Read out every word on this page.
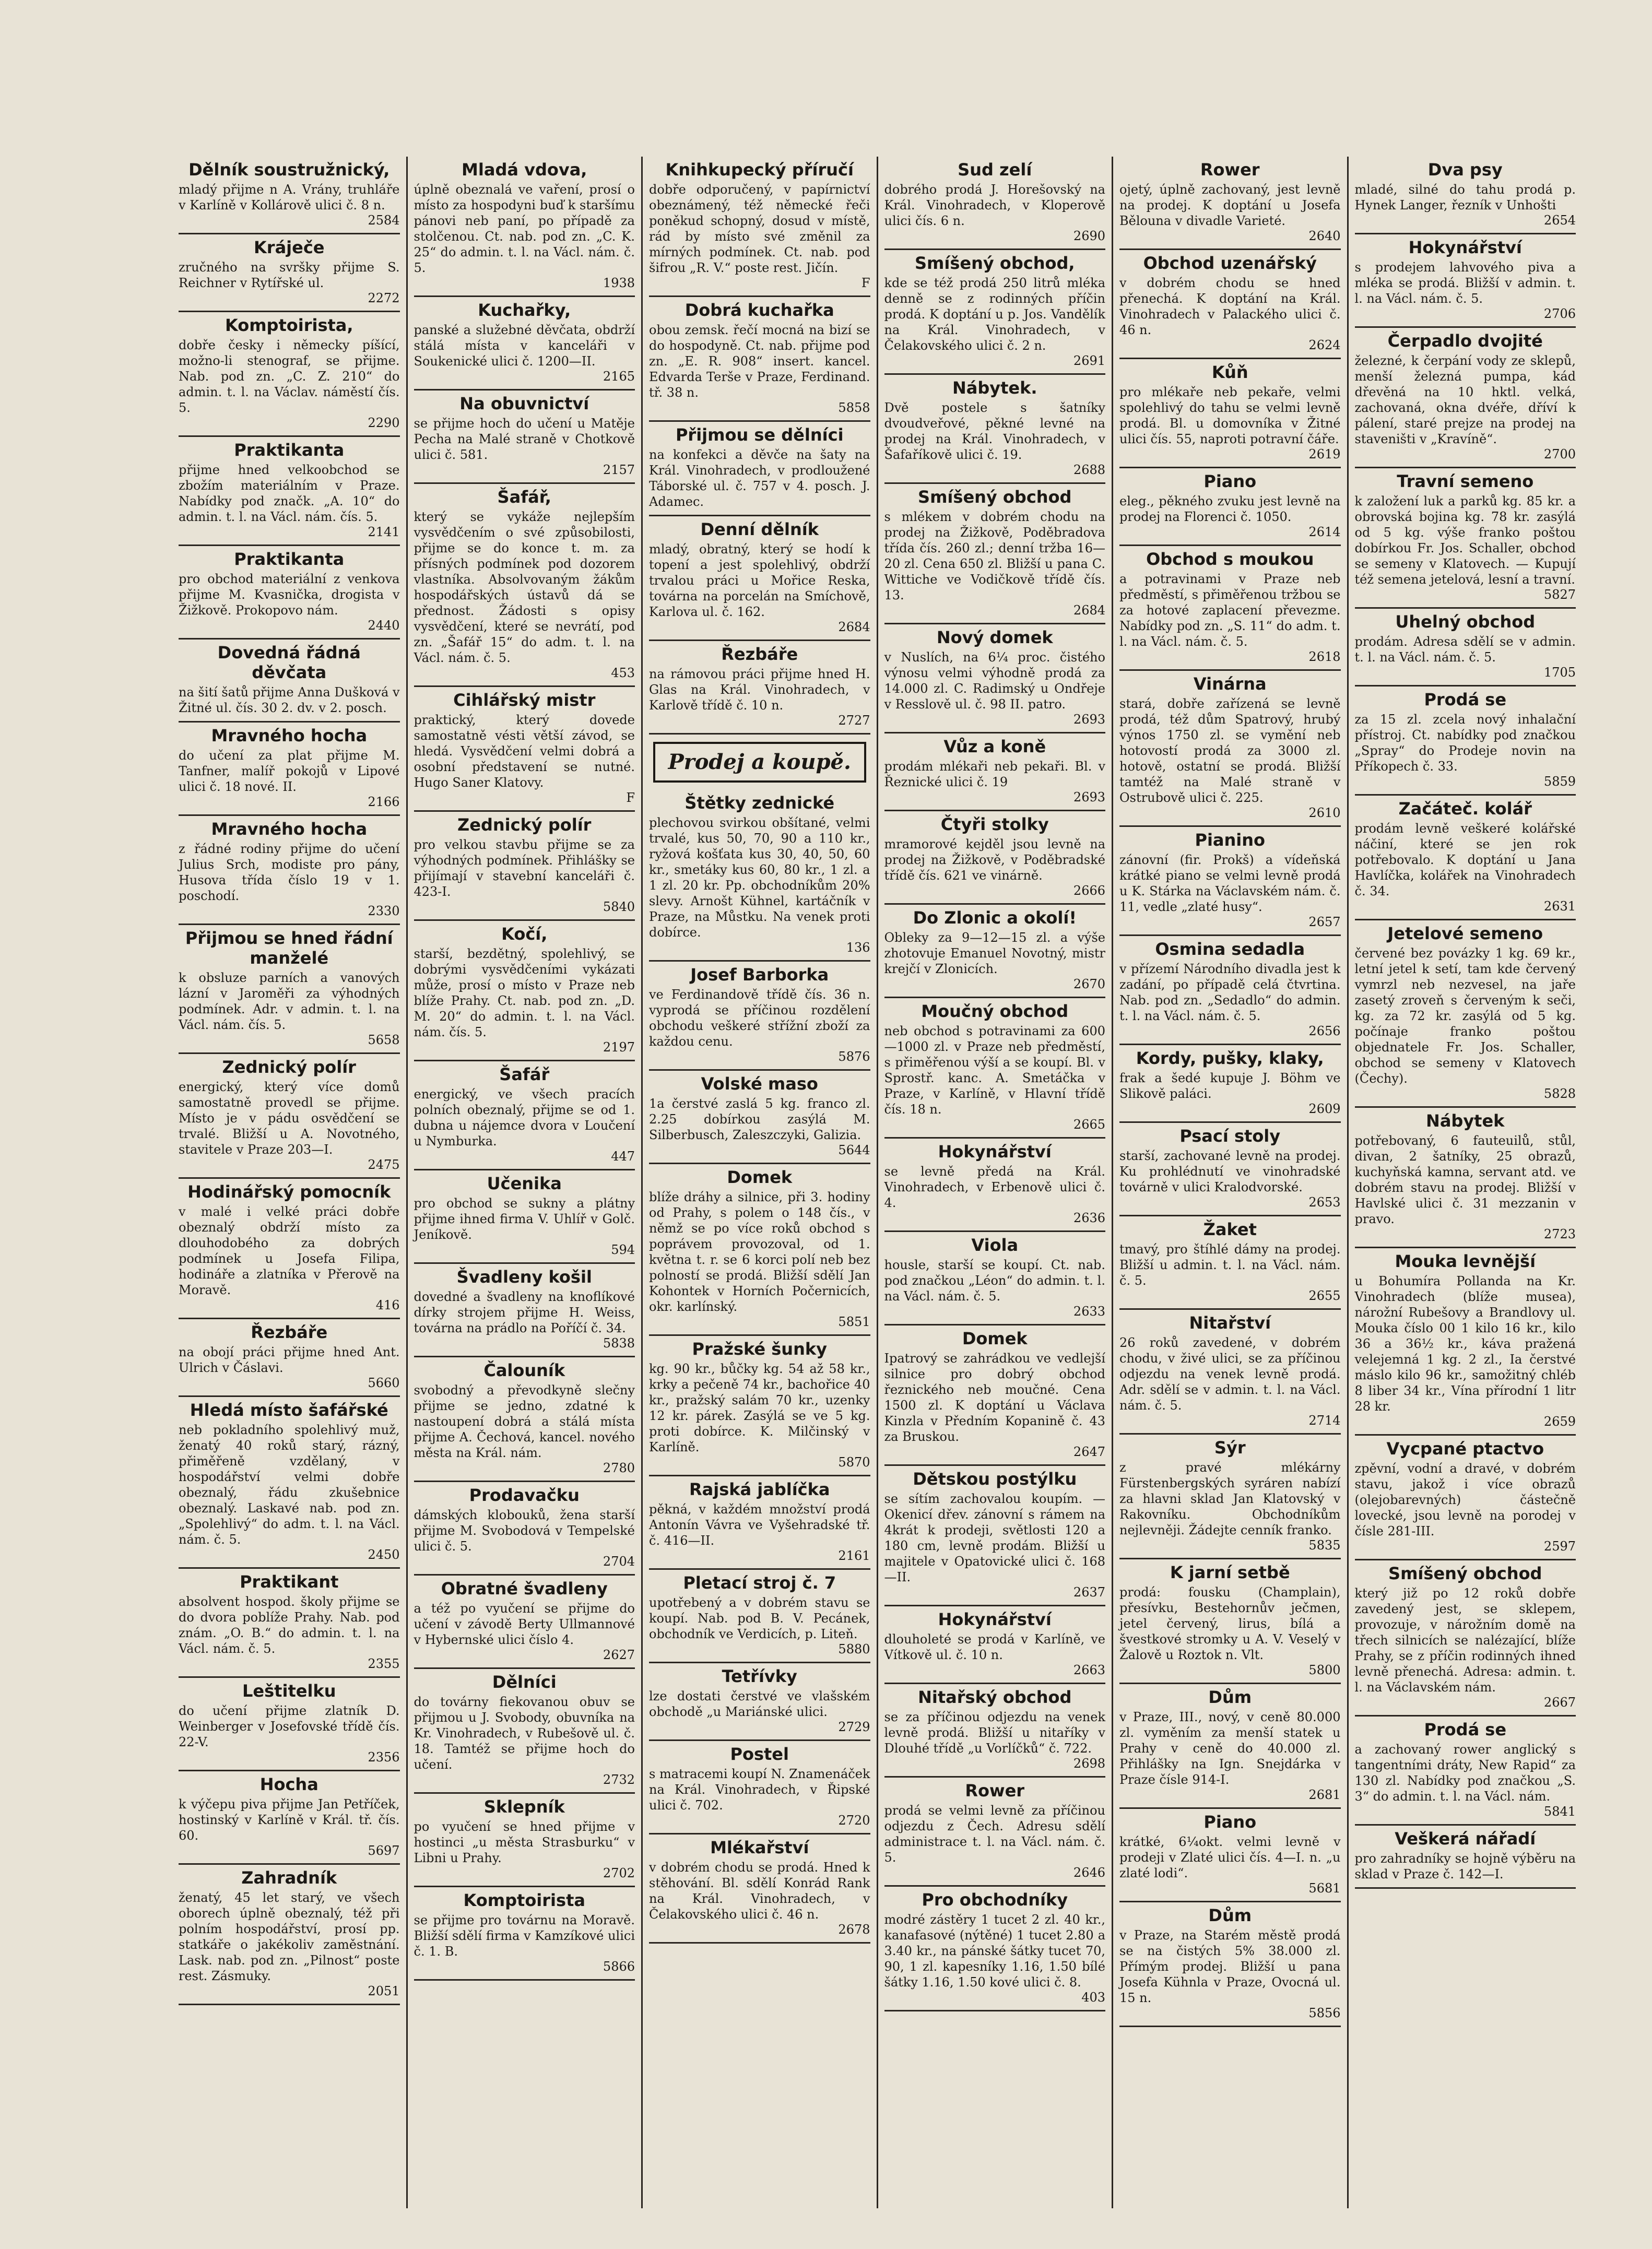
Dělník soustružnický,

mladý přijme n A. Vrány, truhláře v Karlíně v Kollárově ulici č. 8 n.

2584
Kráječe

zručného na svršky přijme S. Reichner v Rytířské ul.

2272
Komptoirista,

dobře česky i německy píšící, možno-li stenograf, se přijme. Nab. pod zn. „C. Z. 210“ do admin. t. l. na Václav. náměstí čís. 5.

2290
Praktikanta

přijme hned velkoobchod se zbožím materiálním v Praze. Nabídky pod značk. „A. 10“ do admin. t. l. na Václ. nám. čís. 5.

2141
Praktikanta

pro obchod materiální z venkova přijme M. Kvasnička, drogista v Žižkově. Prokopovo nám.

2440
Dovedná řádná děvčata

na šití šatů přijme Anna Dušková v Žitné ul. čís. 30 2. dv. v 2. posch.

Mravného hocha

do učení za plat přijme M. Tanfner, malíř pokojů v Lipové ulici č. 18 nové. II.

2166
Mravného hocha

z řádné rodiny přijme do učení Julius Srch, modiste pro pány, Husova třída číslo 19 v 1. poschodí.

2330
Přijmou se hned řádní manželé

k obsluze parních a vanových lázní v Jaroměři za výhodných podmínek. Adr. v admin. t. l. na Václ. nám. čís. 5.

5658
Zednický polír

energický, který více domů samostatně provedl se přijme. Místo je v pádu osvědčení se trvalé. Bližší u A. Novotného, stavitele v Praze 203—I.

2475
Hodinářský pomocník

v malé i velké práci dobře obeznalý obdrží místo za dlouhodobého za dobrých podmínek u Josefa Filipa, hodináře a zlatníka v Přerově na Moravě.

416
Řezbáře

na obojí práci přijme hned Ant. Ulrich v Čáslavi.

5660
Hledá místo šafářské

neb pokladního spolehlivý muž, ženatý 40 roků starý, rázný, přiměřeně vzdělaný, v hospodářství velmi dobře obeznalý, řádu zkušebnice obeznalý. Laskavé nab. pod zn. „Spolehlivý“ do adm. t. l. na Václ. nám. č. 5.

2450
Praktikant

absolvent hospod. školy přijme se do dvora poblíže Prahy. Nab. pod znám. „O. B.“ do admin. t. l. na Václ. nám. č. 5.

2355
Leštitelku

do učení přijme zlatník D. Weinberger v Josefovské třídě čís. 22-V.

2356
Hocha

k výčepu piva přijme Jan Petříček, hostinský v Karlíně v Král. tř. čís. 60.

5697
Zahradník

ženatý, 45 let starý, ve všech oborech úplně obeznalý, též při polním hospodářství, prosí pp. statkáře o jakékoliv zaměstnání. Lask. nab. pod zn. „Pilnost“ poste rest. Zásmuky.

2051
Mladá vdova,

úplně obeznalá ve vaření, prosí o místo za hospodyni buď k staršímu pánovi neb paní, po případě za stolčenou. Ct. nab. pod zn. „C. K. 25“ do admin. t. l. na Václ. nám. č. 5.

1938
Kuchařky,

panské a služebné děvčata, obdrží stálá místa v kanceláři v Soukenické ulici č. 1200—II.

2165
Na obuvnictví

se přijme hoch do učení u Matěje Pecha na Malé straně v Chotkově ulici č. 581.

2157
Šafář,

který se vykáže nejlepším vysvědčením o své způsobilosti, přijme se do konce t. m. za přísných podmínek pod dozorem vlastníka. Absolvovaným žákům hospodářských ústavů dá se přednost. Žádosti s opisy vysvědčení, které se nevrátí, pod zn. „Šafář 15“ do adm. t. l. na Václ. nám. č. 5.

453
Cihlářský mistr

praktický, který dovede samostatně vésti větší závod, se hledá. Vysvědčení velmi dobrá a osobní představení se nutné. Hugo Saner Klatovy.

F
Zednický polír

pro velkou stavbu přijme se za výhodných podmínek. Přihlášky se přijímají v stavební kanceláři č. 423-I.

5840
Kočí,

starší, bezdětný, spolehlivý, se dobrými vysvědčeními vykázati může, prosí o místo v Praze neb blíže Prahy. Ct. nab. pod zn. „D. M. 20“ do admin. t. l. na Václ. nám. čís. 5.

2197
Šafář

energický, ve všech pracích polních obeznalý, přijme se od 1. dubna u nájemce dvora v Loučení u Nymburka.

447
Učenika

pro obchod se sukny a plátny přijme ihned firma V. Uhlíř v Golč. Jeníkově.

594
Švadleny košil

dovedné a švadleny na knoflíkové dírky strojem přijme H. Weiss, továrna na prádlo na Poříčí č. 34.

5838
Čalouník

svobodný a převodkyně slečny přijme se jedno, zdatné k nastoupení dobrá a stálá místa přijme A. Čechová, kancel. nového města na Král. nám.

2780
Prodavačku

dámských klobouků, žena starší přijme M. Svobodová v Tempelské ulici č. 5.

2704
Obratné švadleny

a též po vyučení se přijme do učení v závodě Berty Ullmannové v Hybernské ulici číslo 4.

2627
Dělníci

do továrny fiekovanou obuv se přijmou u J. Svobody, obuvníka na Kr. Vinohradech, v Rubešově ul. č. 18. Tamtéž se přijme hoch do učení.

2732
Sklepník

po vyučení se hned přijme v hostinci „u města Strasburku“ v Libni u Prahy.

2702
Komptoirista

se přijme pro továrnu na Moravě. Bližší sdělí firma v Kamzíkové ulici č. 1. B.

5866
Knihkupecký příručí

dobře odporučený, v papírnictví obeznámený, též německé řeči poněkud schopný, dosud v místě, rád by místo své změnil za mírných podmínek. Ct. nab. pod šifrou „R. V.“ poste rest. Jičín.

F
Dobrá kuchařka

obou zemsk. řečí mocná na bizí se do hospodyně. Ct. nab. přijme pod zn. „E. R. 908“ insert. kancel. Edvarda Terše v Praze, Ferdinand. tř. 38 n.

5858
Přijmou se dělníci

na konfekci a děvče na šaty na Král. Vinohradech, v prodloužené Táborské ul. č. 757 v 4. posch. J. Adamec.

Denní dělník

mladý, obratný, který se hodí k topení a jest spolehlivý, obdrží trvalou práci u Mořice Reska, továrna na porcelán na Smíchově, Karlova ul. č. 162.

2684
Řezbáře

na rámovou práci přijme hned H. Glas na Král. Vinohradech, v Karlově třídě č. 10 n.

2727
Prodej a koupě.
Štětky zednické

plechovou svirkou obšítané, velmi trvalé, kus 50, 70, 90 a 110 kr., ryžová košťata kus 30, 40, 50, 60 kr., smetáky kus 60, 80 kr., 1 zl. a 1 zl. 20 kr. Pp. obchodníkům 20% slevy. Arnošt Kühnel, kartáčník v Praze, na Můstku. Na venek proti dobírce.

136
Josef Barborka

ve Ferdinandově třídě čís. 36 n. vyprodá se příčinou rozdělení obchodu veškeré střížní zboží za každou cenu.

5876
Volské maso

1a čerstvé zaslá 5 kg. franco zl. 2.25 dobírkou zasýlá M. Silberbusch, Zaleszczyki, Galizia.

5644
Domek

blíže dráhy a silnice, při 3. hodiny od Prahy, s polem o 148 čís., v němž se po více roků obchod s poprávem provozoval, od 1. května t. r. se 6 korci polí neb bez polností se prodá. Bližší sdělí Jan Kohontek v Horních Počernicích, okr. karlínský.

5851
Pražské šunky

kg. 90 kr., bůčky kg. 54 až 58 kr., krky a pečeně 74 kr., bachořice 40 kr., pražský salám 70 kr., uzenky 12 kr. párek. Zasýlá se ve 5 kg. proti dobírce. K. Milčinský v Karlíně.

5870
Rajská jablíčka

pěkná, v každém množství prodá Antonín Vávra ve Vyšehradské tř. č. 416—II.

2161
Pletací stroj č. 7

upotřebený a v dobrém stavu se koupí. Nab. pod B. V. Pecánek, obchodník ve Verdicích, p. Liteň.

5880
Tetřívky

lze dostati čerstvé ve vlašském obchodě „u Mariánské ulici.

2729
Postel

s matracemi koupí N. Znamenáček na Král. Vinohradech, v Řipské ulici č. 702.

2720
Mlékařství

v dobrém chodu se prodá. Hned k stěhování. Bl. sdělí Konrád Rank na Král. Vinohradech, v Čelakovského ulici č. 46 n.

2678
Sud zelí

dobrého prodá J. Horešovský na Král. Vinohradech, v Kloperově ulici čís. 6 n.

2690
Smíšený obchod,

kde se též prodá 250 litrů mléka denně se z rodinných příčin prodá. K doptání u p. Jos. Vandělík na Král. Vinohradech, v Čelakovského ulici č. 2 n.

2691
Nábytek.

Dvě postele s šatníky dvoudveřové, pěkné levné na prodej na Král. Vinohradech, v Šafaříkově ulici č. 19.

2688
Smíšený obchod

s mlékem v dobrém chodu na prodej na Žižkově, Poděbradova třída čís. 260 zl.; denní tržba 16—20 zl. Cena 650 zl. Bližší u pana C. Wittiche ve Vodičkově třídě čís. 13.

2684
Nový domek

v Nuslích, na 6¼ proc. čistého výnosu velmi výhodně prodá za 14.000 zl. C. Radimský u Ondřeje v Resslově ul. č. 98 II. patro.

2693
Vůz a koně

prodám mlékaři neb pekaři. Bl. v Řeznické ulici č. 19

2693
Čtyři stolky

mramorové kejděl jsou levně na prodej na Žižkově, v Poděbradské třídě čís. 621 ve vinárně.

2666
Do Zlonic a okolí!

Obleky za 9—12—15 zl. a výše zhotovuje Emanuel Novotný, mistr krejčí v Zlonicích.

2670
Moučný obchod

neb obchod s potravinami za 600—1000 zl. v Praze neb předměstí, s přiměřenou výší a se koupí. Bl. v Sprostř. kanc. A. Smetáčka v Praze, v Karlíně, v Hlavní třídě čís. 18 n.

2665
Hokynářství

se levně předá na Král. Vinohradech, v Erbenově ulici č. 4.

2636
Viola

housle, starší se koupí. Ct. nab. pod značkou „Léon“ do admin. t. l. na Václ. nám. č. 5.

2633
Domek

Ipatrový se zahrádkou ve vedlejší silnice pro dobrý obchod řeznického neb moučné. Cena 1500 zl. K doptání u Václava Kinzla v Předním Kopanině č. 43 za Bruskou.

2647
Dětskou postýlku

se sítím zachovalou koupím. — Okenicí dřev. zánovní s rámem na 4krát k prodeji, světlosti 120 a 180 cm, levně prodám. Bližší u majitele v Opatovické ulici č. 168—II.

2637
Hokynářství

dlouholeté se prodá v Karlíně, ve Vítkově ul. č. 10 n.

2663
Nitařský obchod

se za příčinou odjezdu na venek levně prodá. Bližší u nitaříky v Dlouhé třídě „u Vorlíčků“ č. 722.

2698
Rower

prodá se velmi levně za příčinou odjezdu z Čech. Adresu sdělí administrace t. l. na Václ. nám. č. 5.

2646
Pro obchodníky

modré zástěry 1 tucet 2 zl. 40 kr., kanafasové (nýtěné) 1 tucet 2.80 a 3.40 kr., na pánské šátky tucet 70, 90, 1 zl. kapesníky 1.16, 1.50 bílé šátky 1.16, 1.50 kové ulici č. 8.

403
Rower

ojetý, úplně zachovaný, jest levně na prodej. K doptání u Josefa Bělouna v divadle Varieté.

2640
Obchod uzenářský

v dobrém chodu se hned přenechá. K doptání na Král. Vinohradech v Palackého ulici č. 46 n.

2624
Kůň

pro mlékaře neb pekaře, velmi spolehlivý do tahu se velmi levně prodá. Bl. u domovníka v Žitné ulici čís. 55, naproti potravní čáře.

2619
Piano

eleg., pěkného zvuku jest levně na prodej na Florenci č. 1050.

2614
Obchod s moukou

a potravinami v Praze neb předměstí, s přiměřenou tržbou se za hotové zaplacení převezme. Nabídky pod zn. „S. 11“ do adm. t. l. na Václ. nám. č. 5.

2618
Vinárna

stará, dobře zařízená se levně prodá, též dům Spatrový, hrubý výnos 1750 zl. se vymění neb hotovostí prodá za 3000 zl. hotově, ostatní se prodá. Bližší tamtéž na Malé straně v Ostrubově ulici č. 225.

2610
Pianino

zánovní (fir. Prokš) a vídeňská krátké piano se velmi levně prodá u K. Stárka na Václavském nám. č. 11, vedle „zlaté husy“.

2657
Osmina sedadla

v přízemí Národního divadla jest k zadání, po případě celá čtvrtina. Nab. pod zn. „Sedadlo“ do admin. t. l. na Václ. nám. č. 5.

2656
Kordy, pušky, klaky,

frak a šedé kupuje J. Böhm ve Slikově paláci.

2609
Psací stoly

starší, zachované levně na prodej. Ku prohlédnutí ve vinohradské továrně v ulici Kralodvorské.

2653
Žaket

tmavý, pro štíhlé dámy na prodej. Bližší u admin. t. l. na Václ. nám. č. 5.

2655
Nitařství

26 roků zavedené, v dobrém chodu, v živé ulici, se za příčinou odjezdu na venek levně prodá. Adr. sdělí se v admin. t. l. na Václ. nám. č. 5.

2714
Sýr

z pravé mlékárny Fürstenbergských syráren nabízí za hlavni sklad Jan Klatovský v Rakovníku. Obchodníkům nejlevněji. Žádejte cenník franko.

5835
K jarní setbě

prodá: fousku (Champlain), přesívku, Bestehornův ječmen, jetel červený, lirus, bílá a švestkové stromky u A. V. Veselý v Žalově u Roztok n. Vlt.

5800
Dům

v Praze, III., nový, v ceně 80.000 zl. vyměním za menší statek u Prahy v ceně do 40.000 zl. Přihlášky na Ign. Snejdárka v Praze čísle 914-I.

2681
Piano

krátké, 6¼okt. velmi levně v prodeji v Zlaté ulici čís. 4—I. n. „u zlaté lodi“.

5681
Dům

v Praze, na Starém městě prodá se na čistých 5% 38.000 zl. Přímým prodej. Bližší u pana Josefa Kühnla v Praze, Ovocná ul. 15 n.

5856
Dva psy

mladé, silné do tahu prodá p. Hynek Langer, řezník v Unhošti

2654
Hokynářství

s prodejem lahvového piva a mléka se prodá. Bližší v admin. t. l. na Václ. nám. č. 5.

2706
Čerpadlo dvojité

železné, k čerpání vody ze sklepů, menší železná pumpa, kád dřevěná na 10 hktl. velká, zachovaná, okna dvéře, dříví k pálení, staré prejze na prodej na staveništi v „Kravíně“.

2700
Travní semeno

k založení luk a parků kg. 85 kr. a obrovská bojina kg. 78 kr. zasýlá od 5 kg. výše franko poštou dobírkou Fr. Jos. Schaller, obchod se semeny v Klatovech. — Kupují též semena jetelová, lesní a travní.

5827
Uhelný obchod

prodám. Adresa sdělí se v admin. t. l. na Václ. nám. č. 5.

1705
Prodá se

za 15 zl. zcela nový inhalační přístroj. Ct. nabídky pod značkou „Spray“ do Prodeje novin na Příkopech č. 33.

5859
Začátеč. kolář

prodám levně veškeré kolářské náčiní, které se jen rok potřebovalo. K doptání u Jana Havlíčka, kolářek na Vinohradech č. 34.

2631
Jetelové semeno

červené bez povázky 1 kg. 69 kr., letní jetel k setí, tam kde červený vymrzl neb nezvesel, na jaře zasetý zroveň s červeným k seči, kg. za 72 kr. zasýlá od 5 kg. počínaje franko poštou objednatele Fr. Jos. Schaller, obchod se semeny v Klatovech (Čechy).

5828
Nábytek

potřebovaný, 6 fauteuilů, stůl, divan, 2 šatníky, 25 obrazů, kuchyňská kamna, servant atd. ve dobrém stavu na prodej. Bližší v Havlské ulici č. 31 mezzanin v pravo.

2723
Mouka levnější

u Bohumíra Pollanda na Kr. Vinohradech (blíže musea), nárožní Rubešovy a Brandlovy ul. Mouka číslo 00 1 kilo 16 kr., kilo 36 a 36½ kr., káva pražená velejemná 1 kg. 2 zl., Ia čerstvé máslo kilo 96 kr., samožitný chléb 8 liber 34 kr., Vína přírodní 1 litr 28 kr.

2659
Vycpané ptactvo

zpěvní, vodní a dravé, v dobrém stavu, jakož i více obrazů (olejobarevných) částečně lovecké, jsou levně na porodej v čísle 281-III.

2597
Smíšený obchod

který již po 12 roků dobře zavedený jest, se sklepem, provozuje, v nárožním domě na třech silnicích se nalézající, blíže Prahy, se z příčin rodinných ihned levně přenechá. Adresa: admin. t. l. na Václavském nám.

2667
Prodá se

a zachovaný rower anglický s tangentními dráty, New Rapid“ za 130 zl. Nabídky pod značkou „S. 3“ do admin. t. l. na Václ. nám.

5841
Veškerá nářadí

pro zahradníky se hojně výběru na sklad v Praze č. 142—I.
